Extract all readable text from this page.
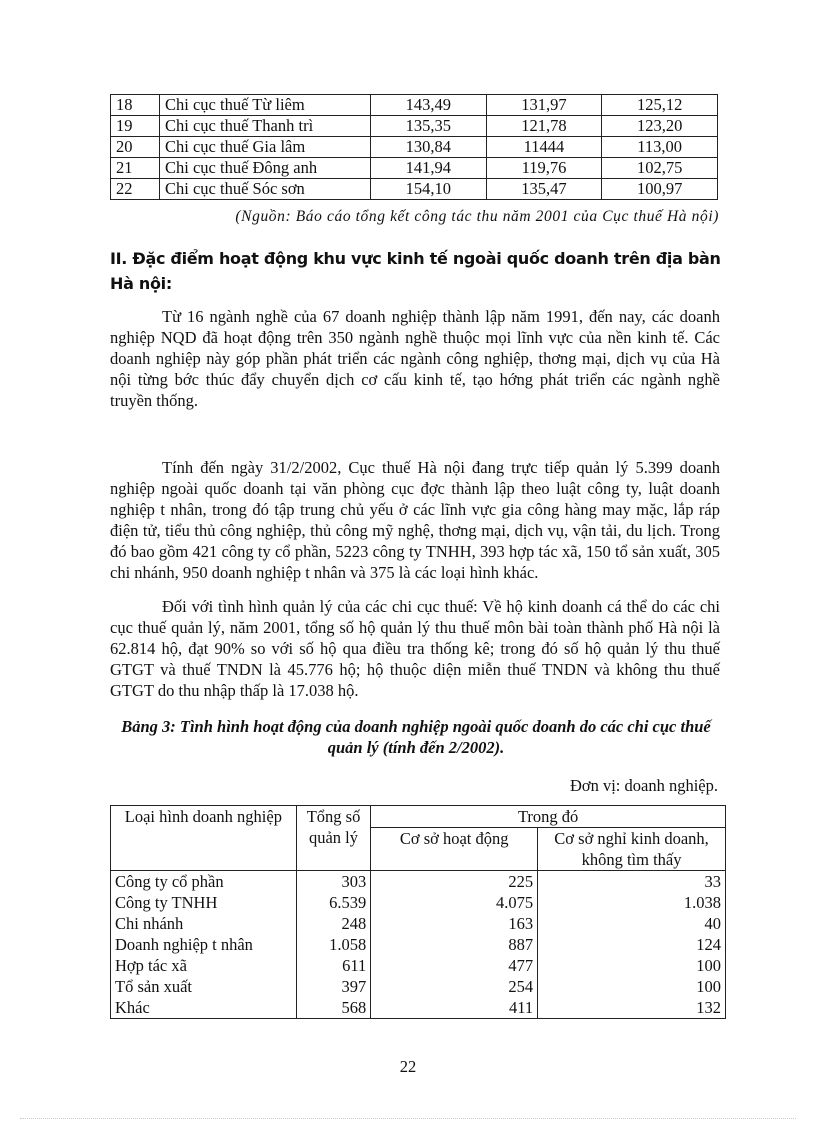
18	Chi cục thuế Từ liêm	143,49	131,97	125,12
19	Chi cục thuế Thanh trì	135,35	121,78	123,20
20	Chi cục thuế Gia lâm	130,84	11444	113,00
21	Chi cục thuế Đông anh	141,94	119,76	102,75
22	Chi cục thuế Sóc sơn	154,10	135,47	100,97
(Nguồn: Báo cáo tổng kết công tác thu năm 2001 của Cục thuế Hà nội)
II. Đặc điểm hoạt động khu vực kinh tế ngoài quốc doanh trên địa bàn Hà nội:
Từ 16 ngành nghề của 67 doanh nghiệp thành lập năm 1991, đến nay, các doanh nghiệp NQD đã hoạt động trên 350 ngành nghề thuộc mọi lĩnh vực của nền kinh tế. Các doanh nghiệp này góp phần phát triển các ngành công nghiệp, thơng mại, dịch vụ của Hà nội từng bớc thúc đẩy chuyển dịch cơ cấu kinh tế, tạo hớng phát triển các ngành nghề truyền thống.
Tính đến ngày 31/2/2002, Cục thuế Hà nội đang trực tiếp quản lý 5.399 doanh nghiệp ngoài quốc doanh tại văn phòng cục đợc thành lập theo luật công ty, luật doanh nghiệp t nhân, trong đó tập trung chủ yếu ở các lĩnh vực gia công hàng may mặc, lắp ráp điện tử, tiểu thủ công nghiệp, thủ công mỹ nghệ, thơng mại, dịch vụ, vận tải, du lịch. Trong đó bao gồm 421 công ty cổ phần, 5223 công ty TNHH, 393 hợp tác xã, 150 tổ sản xuất, 305 chi nhánh, 950 doanh nghiệp t nhân và 375 là các loại hình khác.
Đối với tình hình quản lý của các chi cục thuế: Về hộ kinh doanh cá thể do các chi cục thuế quản lý, năm 2001, tổng số hộ quản lý thu thuế môn bài toàn thành phố Hà nội là 62.814 hộ, đạt 90% so với số hộ qua điều tra thống kê; trong đó số hộ quản lý thu thuế GTGT và thuế TNDN là 45.776 hộ; hộ thuộc diện miễn thuế TNDN và không thu thuế GTGT do thu nhập thấp là 17.038 hộ.
Bảng 3: Tình hình hoạt động của doanh nghiệp ngoài quốc doanh do các chi cục thuế quản lý (tính đến 2/2002).
Đơn vị: doanh nghiệp.
Loại hình doanh nghiệp	Tổng số quản lý	Trong đó	
		Cơ sở hoạt động	Cơ sở nghỉ kinh doanh, không tìm thấy
Công ty cổ phần	303	225	33
Công ty TNHH	6.539	4.075	1.038
Chi nhánh	248	163	40
Doanh nghiệp t nhân	1.058	887	124
Hợp tác xã	611	477	100
Tổ sản xuất	397	254	100
Khác	568	411	132
22
